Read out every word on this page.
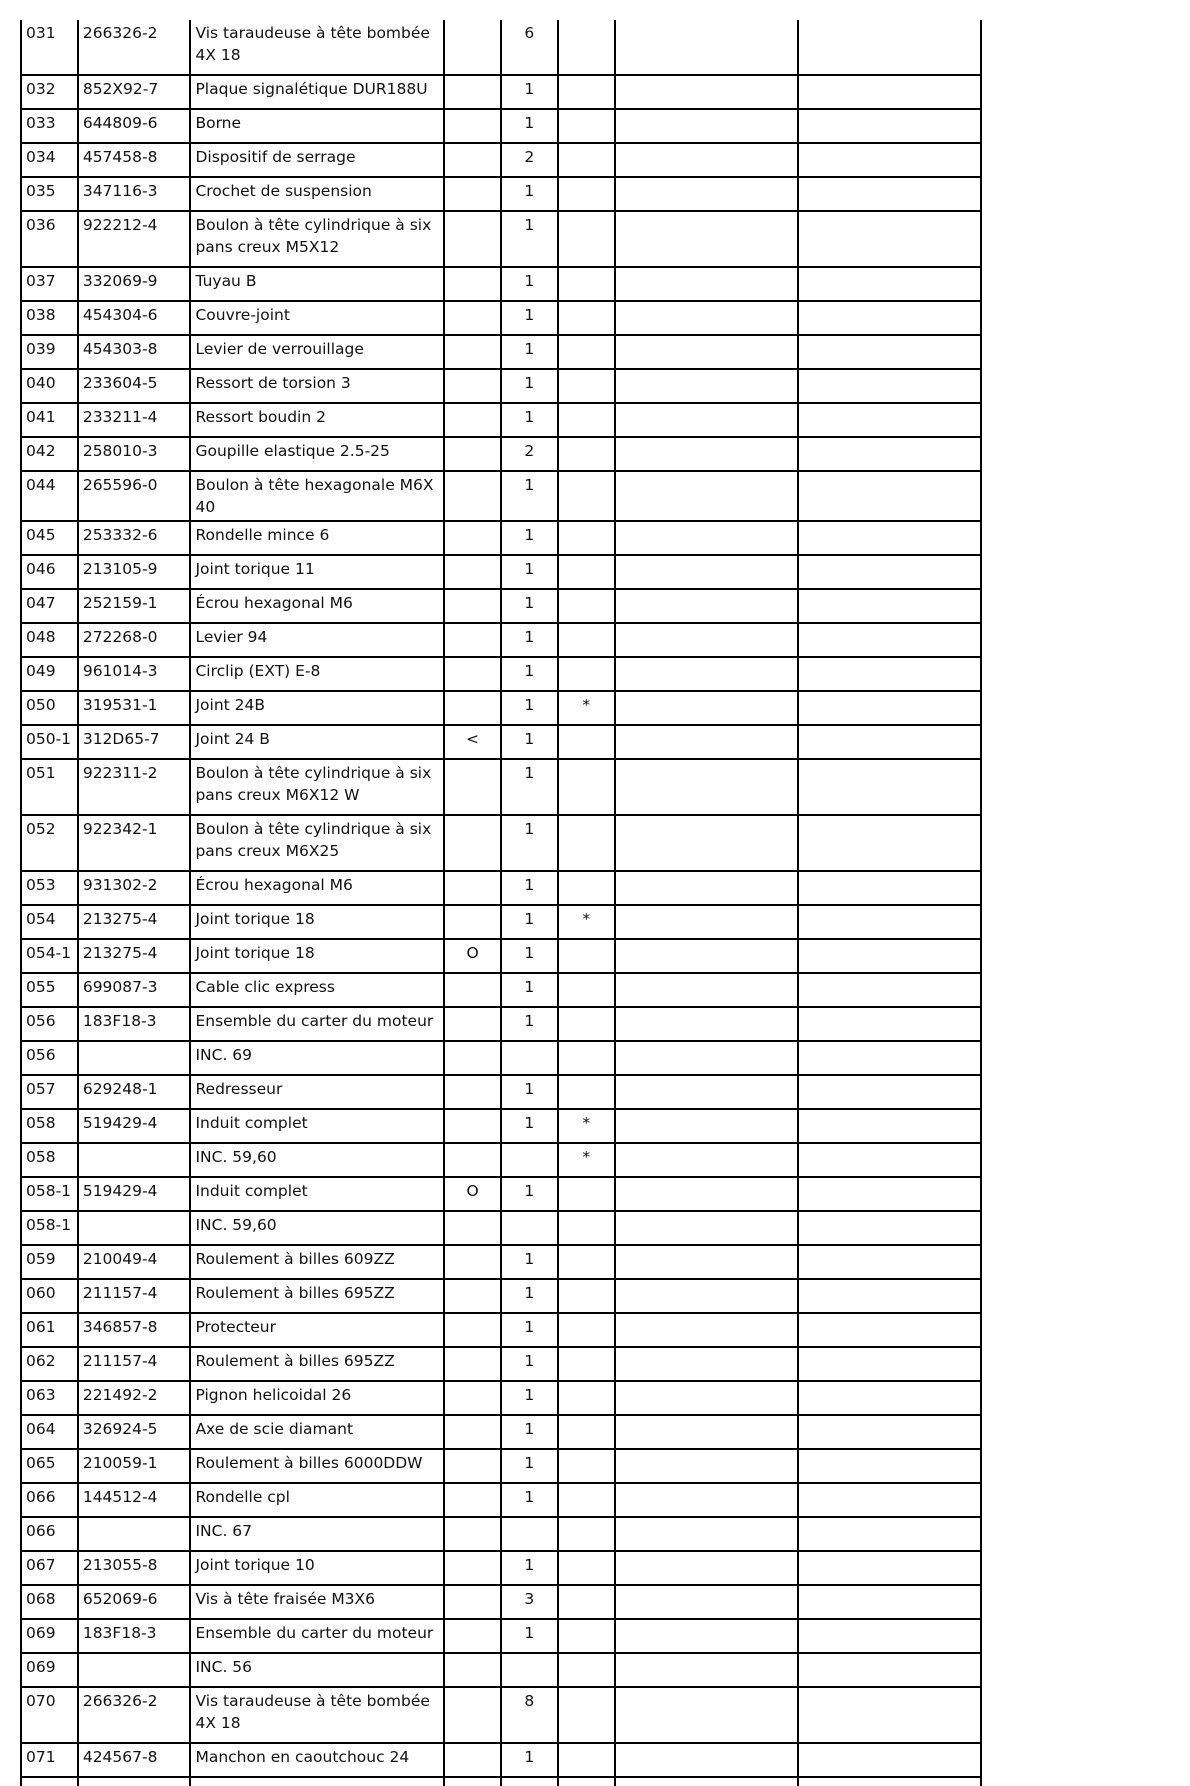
031	266326-2	Vis taraudeuse à tête bombée 4X 18		6			
032	852X92-7	Plaque signalétique DUR188U		1			
033	644809-6	Borne		1			
034	457458-8	Dispositif de serrage		2			
035	347116-3	Crochet de suspension		1			
036	922212-4	Boulon à tête cylindrique à six pans creux M5X12		1			
037	332069-9	Tuyau B		1			
038	454304-6	Couvre-joint		1			
039	454303-8	Levier de verrouillage		1			
040	233604-5	Ressort de torsion 3		1			
041	233211-4	Ressort boudin 2		1			
042	258010-3	Goupille elastique 2.5-25		2			
044	265596-0	Boulon à tête hexagonale M6X40		1			
045	253332-6	Rondelle mince 6		1			
046	213105-9	Joint torique 11		1			
047	252159-1	Écrou hexagonal M6		1			
048	272268-0	Levier 94		1			
049	961014-3	Circlip (EXT) E-8		1			
050	319531-1	Joint 24B		1	*		
050-1	312D65-7	Joint 24 B	<	1			
051	922311-2	Boulon à tête cylindrique à six pans creux M6X12 W		1			
052	922342-1	Boulon à tête cylindrique à six pans creux M6X25		1			
053	931302-2	Écrou hexagonal M6		1			
054	213275-4	Joint torique 18		1	*		
054-1	213275-4	Joint torique 18	O	1			
055	699087-3	Cable clic express		1			
056	183F18-3	Ensemble du carter du moteur		1			
056		INC. 69					
057	629248-1	Redresseur		1			
058	519429-4	Induit complet		1	*		
058		INC. 59,60			*		
058-1	519429-4	Induit complet	O	1			
058-1		INC. 59,60					
059	210049-4	Roulement à billes 609ZZ		1			
060	211157-4	Roulement à billes 695ZZ		1			
061	346857-8	Protecteur		1			
062	211157-4	Roulement à billes 695ZZ		1			
063	221492-2	Pignon helicoidal 26		1			
064	326924-5	Axe de scie diamant		1			
065	210059-1	Roulement à billes 6000DDW		1			
066	144512-4	Rondelle cpl		1			
066		INC. 67					
067	213055-8	Joint torique 10		1			
068	652069-6	Vis à tête fraisée M3X6		3			
069	183F18-3	Ensemble du carter du moteur		1			
069		INC. 56					
070	266326-2	Vis taraudeuse à tête bombée 4X 18		8			
071	424567-8	Manchon en caoutchouc 24		1			
